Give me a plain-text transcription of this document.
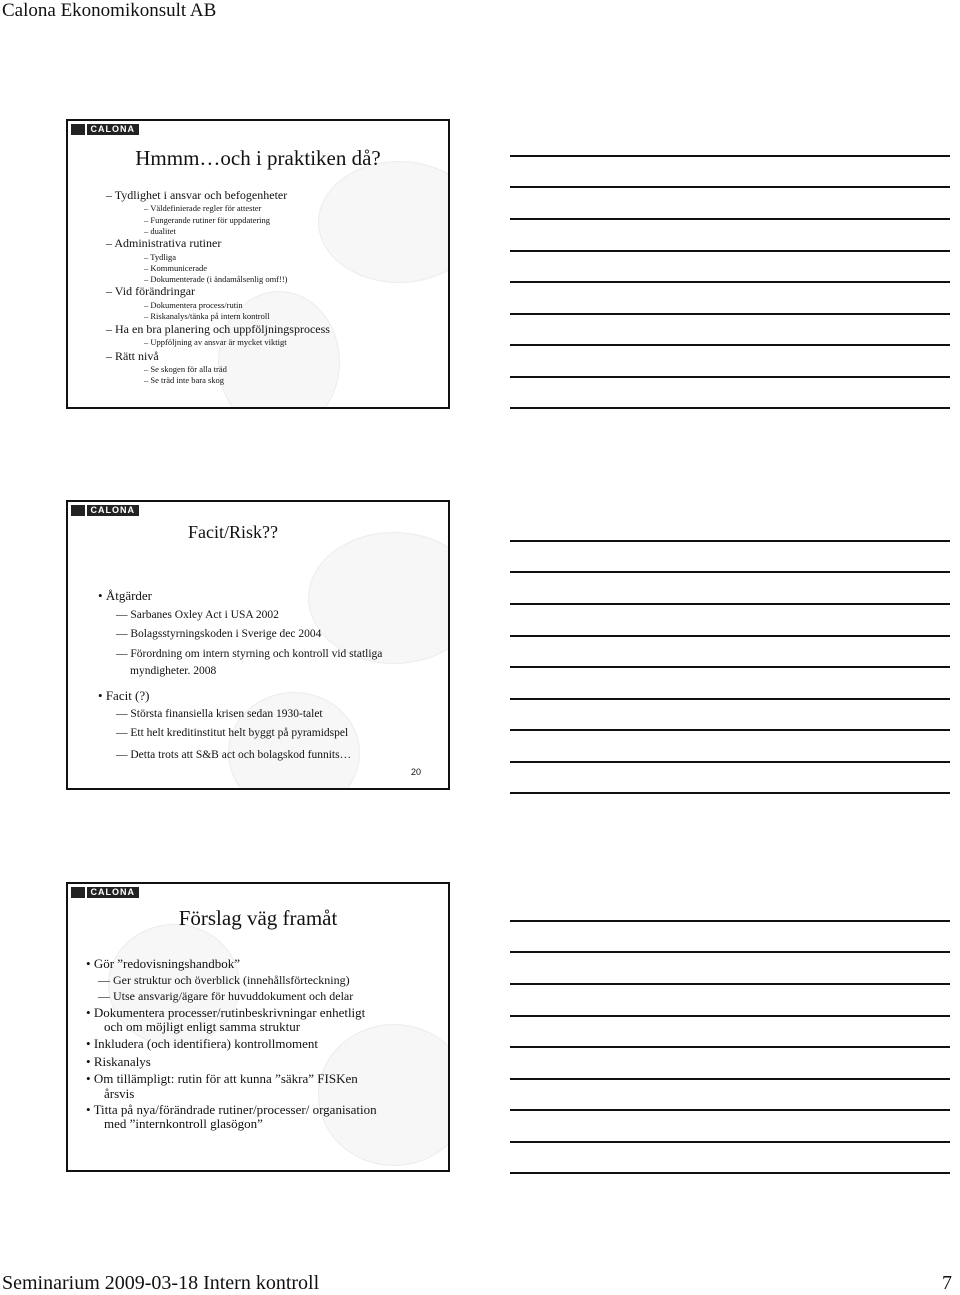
Calona Ekonomikonsult AB
CALONA
Hmmm…och i praktiken då?
– Tydlighet i ansvar och befogenheter
– Väldefinierade regler för attester
– Fungerande rutiner för uppdatering
– dualitet
– Administrativa rutiner
– Tydliga
– Kommunicerade
– Dokumenterade (i ändamålsenlig omf!!)
– Vid förändringar
– Dokumentera process/rutin
– Riskanalys/tänka på intern kontroll
– Ha en bra planering och uppföljningsprocess
– Uppföljning av ansvar är mycket viktigt
– Rätt nivå
– Se skogen för alla träd
– Se träd inte bara skog
CALONA
Facit/Risk??
• Åtgärder
— Sarbanes Oxley Act i USA 2002
— Bolagsstyrningskoden i Sverige dec 2004
— Förordning om intern styrning och kontroll vid statliga
myndigheter. 2008
• Facit (?)
— Största finansiella krisen sedan 1930-talet
— Ett helt kreditinstitut helt byggt på pyramidspel
— Detta trots att S&B act och bolagskod funnits…
20
CALONA
Förslag väg framåt
• Gör ”redovisningshandbok”
— Ger struktur och överblick (innehållsförteckning)
— Utse ansvarig/ägare för huvuddokument och delar
• Dokumentera processer/rutinbeskrivningar enhetligt
och om möjligt enligt samma struktur
• Inkludera (och identifiera) kontrollmoment
• Riskanalys
• Om tillämpligt: rutin för att kunna ”säkra” FISKen
årsvis
• Titta på nya/förändrade rutiner/processer/ organisation
med ”internkontroll glasögon”
Seminarium 2009-03-18 Intern kontroll	7
